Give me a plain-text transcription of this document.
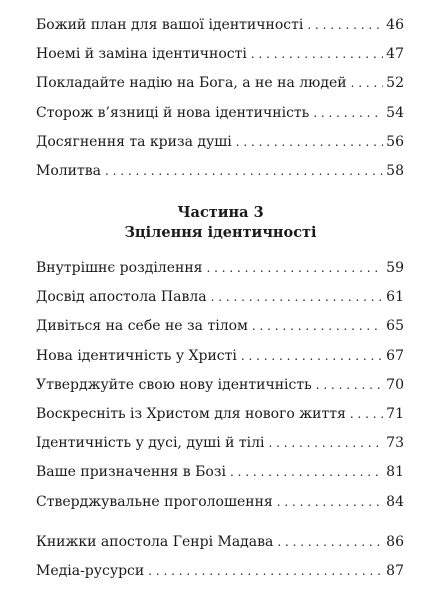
Божий план для вашої ідентичності . . .	46
Ноемі й заміна ідентичності . . .	47
Покладайте надію на Бога, а не на людей . . .	52
Сторож в’язниці й нова ідентичність . . .	54
Досягнення та криза душі . . .	56
Молитва . . .	58
Частина 3
Зцілення ідентичності
Внутрішнє розділення . . .	59
Досвід апостола Павла . . .	61
Дивіться на себе не за тілом . . .	65
Нова ідентичність у Христі . . .	67
Утверджуйте свою нову ідентичність . . .	70
Воскресніть із Христом для нового життя . . .	71
Ідентичність у дусі, душі й тілі . . .	73
Ваше призначення в Бозі . . .	81
Стверджувальне проголошення . . .	84
Книжки апостола Генрі Мадава . . .	86
Медіа-русурси . . .	87
